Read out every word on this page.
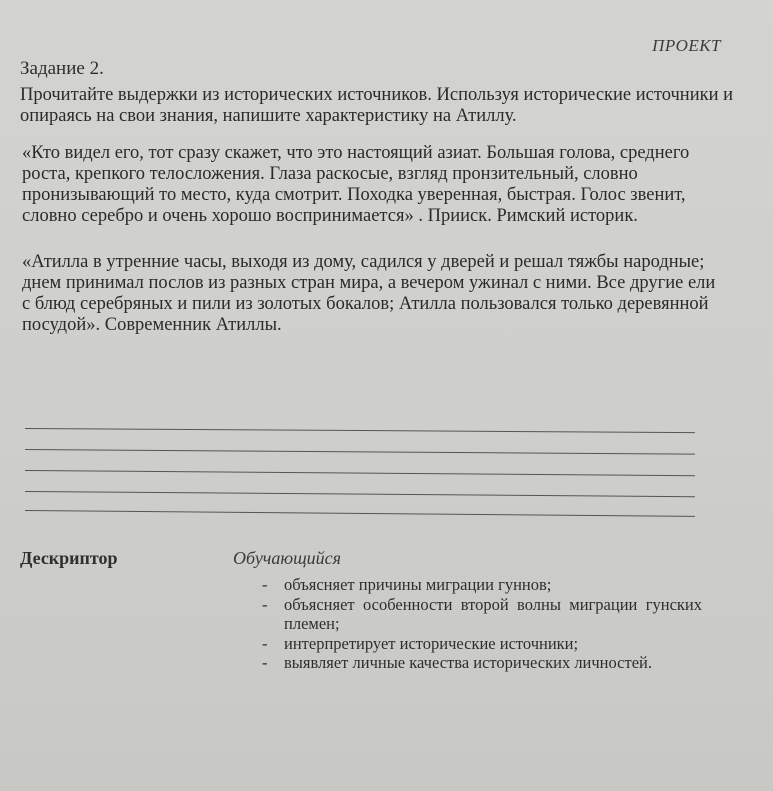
ПРОЕКТ
Задание 2.
Прочитайте выдержки из исторических источников. Используя исторические источники и опираясь на свои знания, напишите характеристику на Атиллу.
«Кто видел его, тот сразу скажет, что это настоящий азиат. Большая голова, среднего роста, крепкого телосложения. Глаза раскосые, взгляд пронзительный, словно пронизывающий то место, куда смотрит. Походка уверенная, быстрая. Голос звенит, словно серебро и очень хорошо воспринимается» . Прииск. Римский историк.
«Атилла в утренние часы, выходя из дому, садился у дверей и решал тяжбы народные; днем принимал послов из разных стран мира, а вечером ужинал с ними. Все другие ели с блюд серебряных и пили из золотых бокалов; Атилла пользовался только деревянной посудой». Современник Атиллы.
Дескриптор	Обучающийся
- объясняет причины миграции гуннов;
- объясняет особенности второй волны миграции гунских племен;
- интерпретирует исторические источники;
- выявляет личные качества исторических личностей.
